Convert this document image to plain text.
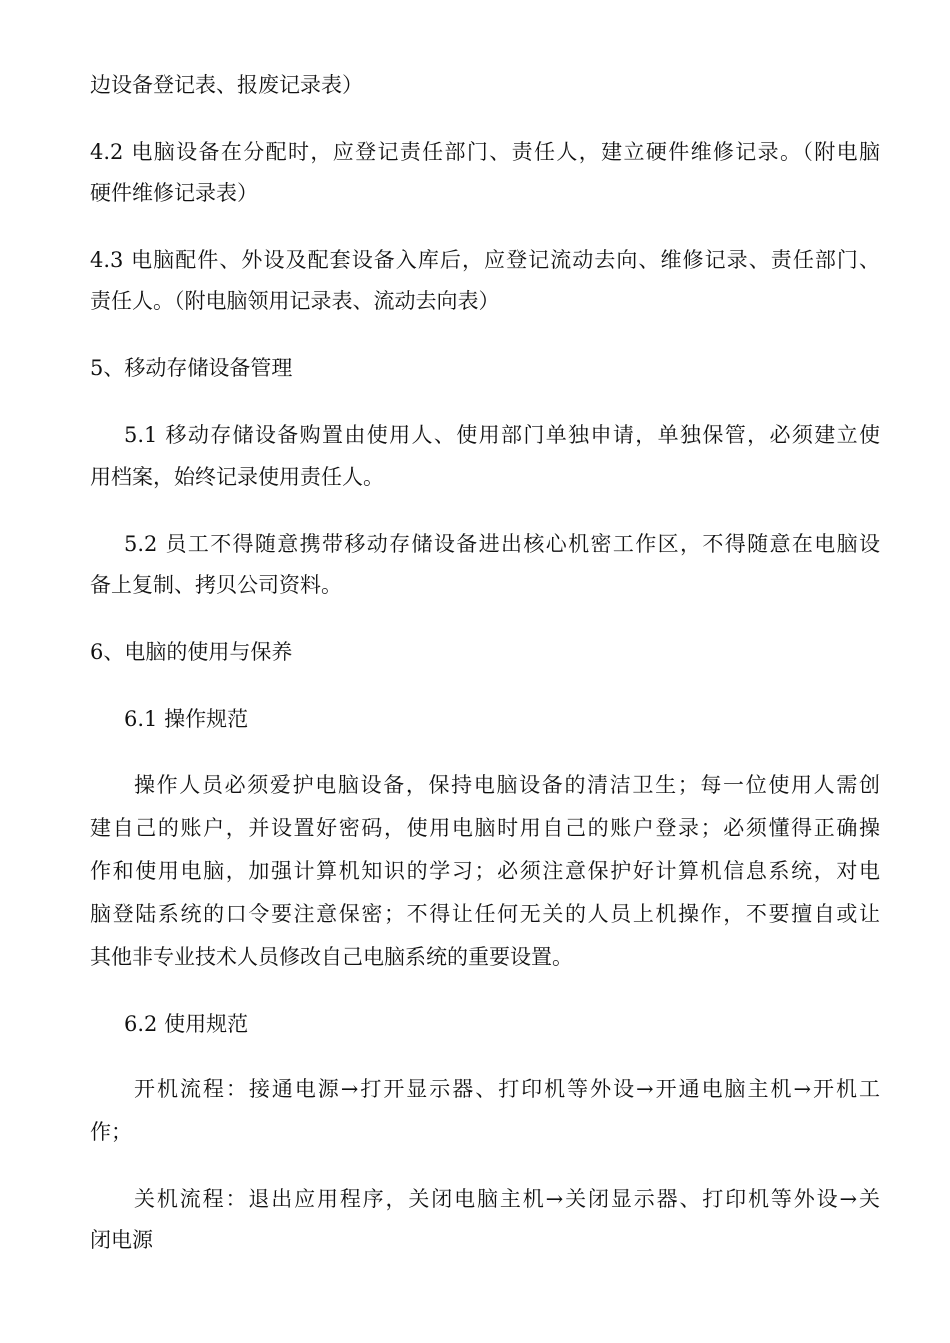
边设备登记表、报废记录表）
4.2 电脑设备在分配时，应登记责任部门、责任人，建立硬件维修记录。（附电脑
硬件维修记录表）
4.3 电脑配件、外设及配套设备入库后，应登记流动去向、维修记录、责任部门、
责任人。（附电脑领用记录表、流动去向表）
5、移动存储设备管理
5.1 移动存储设备购置由使用人、使用部门单独申请，单独保管，必须建立使
用档案，始终记录使用责任人。
5.2 员工不得随意携带移动存储设备进出核心机密工作区，不得随意在电脑设
备上复制、拷贝公司资料。
6、电脑的使用与保养
6.1 操作规范
操作人员必须爱护电脑设备，保持电脑设备的清洁卫生；每一位使用人需创
建自己的账户，并设置好密码，使用电脑时用自己的账户登录；必须懂得正确操
作和使用电脑，加强计算机知识的学习；必须注意保护好计算机信息系统，对电
脑登陆系统的口令要注意保密；不得让任何无关的人员上机操作，不要擅自或让
其他非专业技术人员修改自己电脑系统的重要设置。
6.2 使用规范
开机流程：接通电源→打开显示器、打印机等外设→开通电脑主机→开机工
作；
关机流程：退出应用程序，关闭电脑主机→关闭显示器、打印机等外设→关
闭电源
